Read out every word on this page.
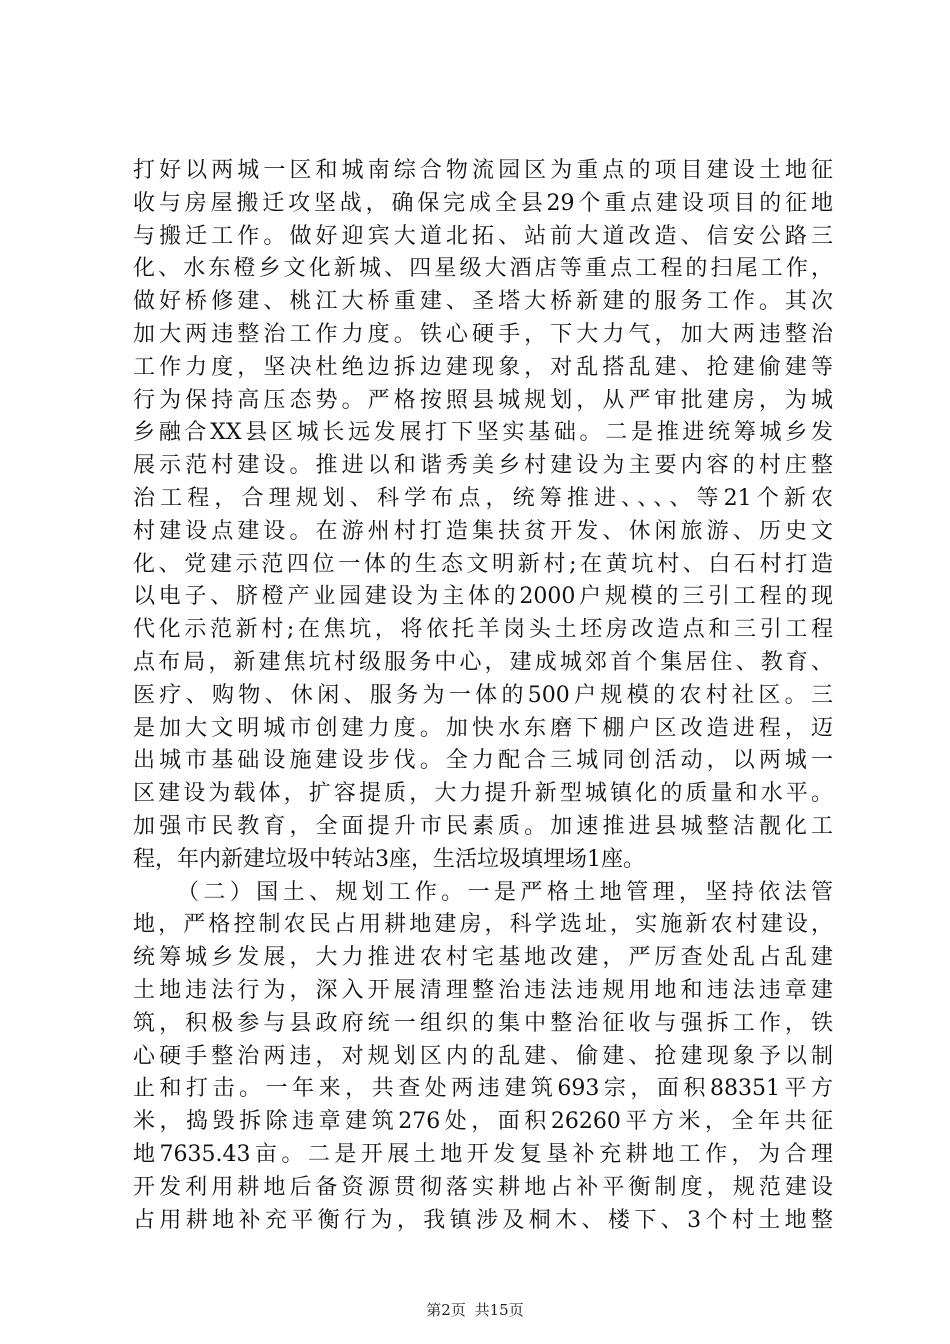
打好以两城一区和城南综合物流园区为重点的项目建设土地征
收与房屋搬迁攻坚战，确保完成全县29个重点建设项目的征地
与搬迁工作。做好迎宾大道北拓、站前大道改造、信安公路三
化、水东橙乡文化新城、四星级大酒店等重点工程的扫尾工作，
做好桥修建、桃江大桥重建、圣塔大桥新建的服务工作。其次
加大两违整治工作力度。铁心硬手，下大力气，加大两违整治
工作力度，坚决杜绝边拆边建现象，对乱搭乱建、抢建偷建等
行为保持高压态势。严格按照县城规划，从严审批建房，为城
乡融合XX县区城长远发展打下坚实基础。二是推进统筹城乡发
展示范村建设。推进以和谐秀美乡村建设为主要内容的村庄整
治工程，合理规划、科学布点，统筹推进、、、、等21个新农
村建设点建设。在游州村打造集扶贫开发、休闲旅游、历史文
化、党建示范四位一体的生态文明新村;在黄坑村、白石村打造
以电子、脐橙产业园建设为主体的2000户规模的三引工程的现
代化示范新村;在焦坑，将依托羊岗头土坯房改造点和三引工程
点布局，新建焦坑村级服务中心，建成城郊首个集居住、教育、
医疗、购物、休闲、服务为一体的500户规模的农村社区。三
是加大文明城市创建力度。加快水东磨下棚户区改造进程，迈
出城市基础设施建设步伐。全力配合三城同创活动，以两城一
区建设为载体，扩容提质，大力提升新型城镇化的质量和水平。
加强市民教育，全面提升市民素质。加速推进县城整洁靓化工
程，年内新建垃圾中转站3座，生活垃圾填埋场1座。
（二）国土、规划工作。一是严格土地管理，坚持依法管
地，严格控制农民占用耕地建房，科学选址，实施新农村建设，
统筹城乡发展，大力推进农村宅基地改建，严厉查处乱占乱建
土地违法行为，深入开展清理整治违法违规用地和违法违章建
筑，积极参与县政府统一组织的集中整治征收与强拆工作，铁
心硬手整治两违，对规划区内的乱建、偷建、抢建现象予以制
止和打击。一年来，共查处两违建筑693宗，面积88351平方
米，捣毁拆除违章建筑276处，面积26260平方米，全年共征
地7635.43亩。二是开展土地开发复垦补充耕地工作，为合理
开发利用耕地后备资源贯彻落实耕地占补平衡制度，规范建设
占用耕地补充平衡行为，我镇涉及桐木、楼下、3个村土地整
第2页 共15页
